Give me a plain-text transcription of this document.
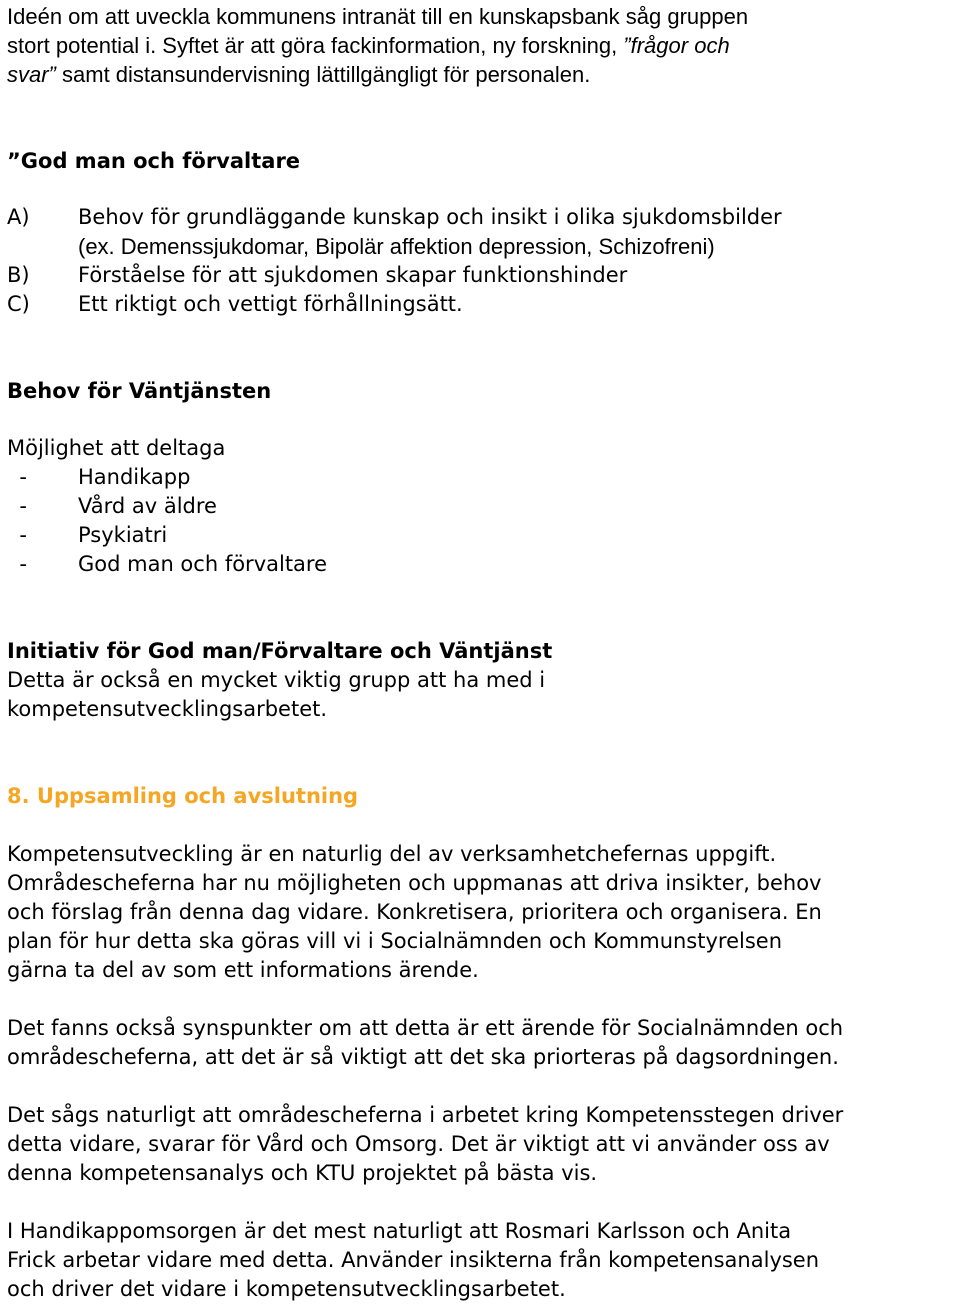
Ideén om att uveckla kommunens intranät till en kunskapsbank såg gruppen
stort potential i. Syftet är att göra fackinformation, ny forskning, ”frågor och
svar” samt distansundervisning lättillgängligt för personalen.
”God man och förvaltare
A) Behov för grundläggande kunskap och insikt i olika sjukdomsbilder
(ex. Demenssjukdomar, Bipolär affektion depression, Schizofreni)
B) Förståelse för att sjukdomen skapar funktionshinder
C) Ett riktigt och vettigt förhållningsätt.
Behov för Väntjänsten
Möjlighet att deltaga
- Handikapp
- Vård av äldre
- Psykiatri
- God man och förvaltare
Initiativ för God man/Förvaltare och Väntjänst
Detta är också en mycket viktig grupp att ha med i
kompetensutvecklingsarbetet.
8. Uppsamling och avslutning
Kompetensutveckling är en naturlig del av verksamhetchefernas uppgift.
Områdescheferna har nu möjligheten och uppmanas att driva insikter, behov
och förslag från denna dag vidare. Konkretisera, prioritera och organisera. En
plan för hur detta ska göras vill vi i Socialnämnden och Kommunstyrelsen
gärna ta del av som ett informations ärende.
Det fanns också synspunkter om att detta är ett ärende för Socialnämnden och
områdescheferna, att det är så viktigt att det ska priorteras på dagsordningen.
Det sågs naturligt att områdescheferna i arbetet kring Kompetensstegen driver
detta vidare, svarar för Vård och Omsorg. Det är viktigt att vi använder oss av
denna kompetensanalys och KTU projektet på bästa vis.
I Handikappomsorgen är det mest naturligt att Rosmari Karlsson och Anita
Frick arbetar vidare med detta. Använder insikterna från kompetensanalysen
och driver det vidare i kompetensutvecklingsarbetet.
